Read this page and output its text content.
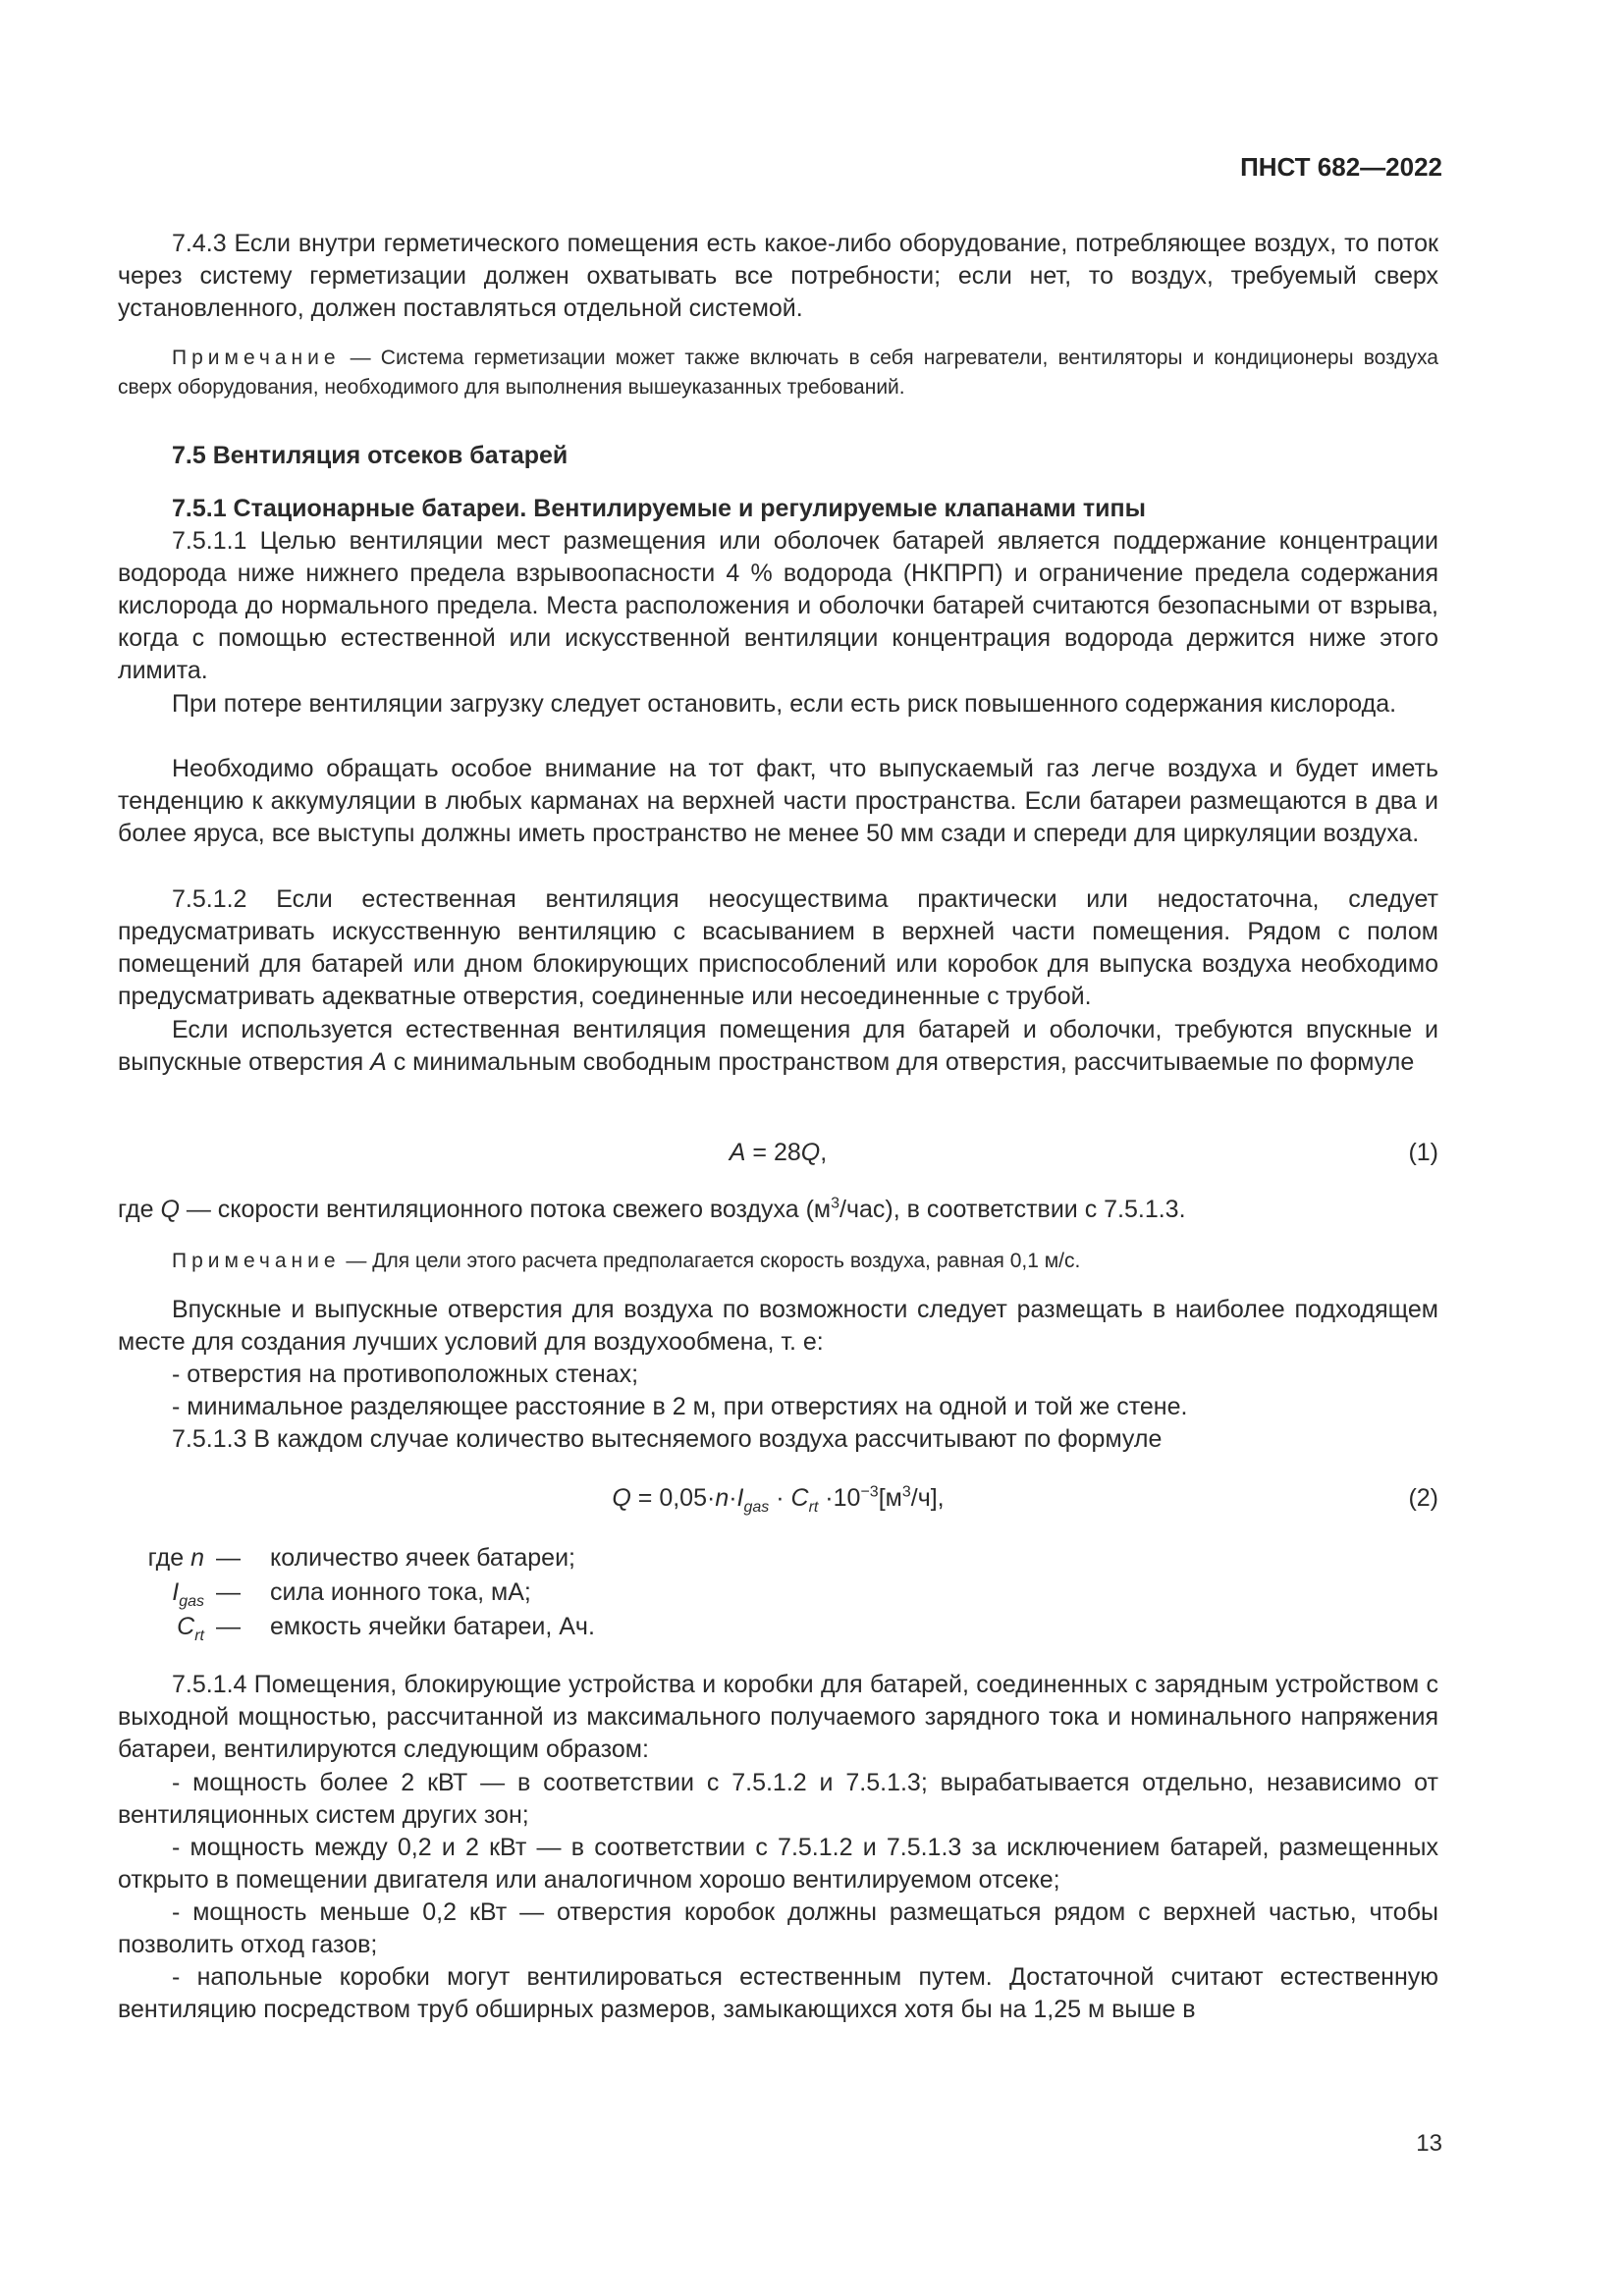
ПНСТ 682—2022

7.4.3 Если внутри герметического помещения есть какое-либо оборудование, потребляющее воздух, то поток через систему герметизации должен охватывать все потребности; если нет, то воздух, требуемый сверх установленного, должен поставляться отдельной системой.

Примечание — Система герметизации может также включать в себя нагреватели, вентиляторы и кондиционеры воздуха сверх оборудования, необходимого для выполнения вышеуказанных требований.

7.5 Вентиляция отсеков батарей

7.5.1 Стационарные батареи. Вентилируемые и регулируемые клапанами типы

7.5.1.1 Целью вентиляции мест размещения или оболочек батарей является поддержание концентрации водорода ниже нижнего предела взрывоопасности 4 % водорода (НКПРП) и ограничение предела содержания кислорода до нормального предела. Места расположения и оболочки батарей считаются безопасными от взрыва, когда с помощью естественной или искусственной вентиляции концентрация водорода держится ниже этого лимита.

При потере вентиляции загрузку следует остановить, если есть риск повышенного содержания кислорода.

Необходимо обращать особое внимание на тот факт, что выпускаемый газ легче воздуха и будет иметь тенденцию к аккумуляции в любых карманах на верхней части пространства. Если батареи размещаются в два и более яруса, все выступы должны иметь пространство не менее 50 мм сзади и спереди для циркуляции воздуха.

7.5.1.2 Если естественная вентиляция неосуществима практически или недостаточна, следует предусматривать искусственную вентиляцию с всасыванием в верхней части помещения. Рядом с полом помещений для батарей или дном блокирующих приспособлений или коробок для выпуска воздуха необходимо предусматривать адекватные отверстия, соединенные или несоединенные с трубой.

Если используется естественная вентиляция помещения для батарей и оболочки, требуются впускные и выпускные отверстия A с минимальным свободным пространством для отверстия, рассчитываемые по формуле

A = 28Q,	(1)

где Q — скорости вентиляционного потока свежего воздуха $(м^3/час)$, в соответствии с 7.5.1.3.

Примечание — Для цели этого расчета предполагается скорость воздуха, равная 0,1 м/с.

Впускные и выпускные отверстия для воздуха по возможности следует размещать в наиболее подходящем месте для создания лучших условий для воздухообмена, т. е:

- отверстия на противоположных стенах;

- минимальное разделяющее расстояние в 2 м, при отверстиях на одной и той же стене.

7.5.1.3 В каждом случае количество вытесняемого воздуха рассчитывают по формуле

$Q = 0,05\cdot n\cdot I_{gas} \cdot C_{rt} \cdot 10^{-3}[м^3/ч]$,	(2)
где n — количество ячеек батареи;
$I_{gas}$ — сила ионного тока, мА;
$C_{rt}$ — емкость ячейки батареи, Ач.

7.5.1.4 Помещения, блокирующие устройства и коробки для батарей, соединенных с зарядным устройством с выходной мощностью, рассчитанной из максимального получаемого зарядного тока и номинального напряжения батареи, вентилируются следующим образом:

- мощность более 2 кВТ — в соответствии с 7.5.1.2 и 7.5.1.3; вырабатывается отдельно, независимо от вентиляционных систем других зон;

- мощность между 0,2 и 2 кВт — в соответствии с 7.5.1.2 и 7.5.1.3 за исключением батарей, размещенных открыто в помещении двигателя или аналогичном хорошо вентилируемом отсеке;

- мощность меньше 0,2 кВт — отверстия коробок должны размещаться рядом с верхней частью, чтобы позволить отход газов;

- напольные коробки могут вентилироваться естественным путем. Достаточной считают естественную вентиляцию посредством труб обширных размеров, замыкающихся хотя бы на 1,25 м выше в

13
